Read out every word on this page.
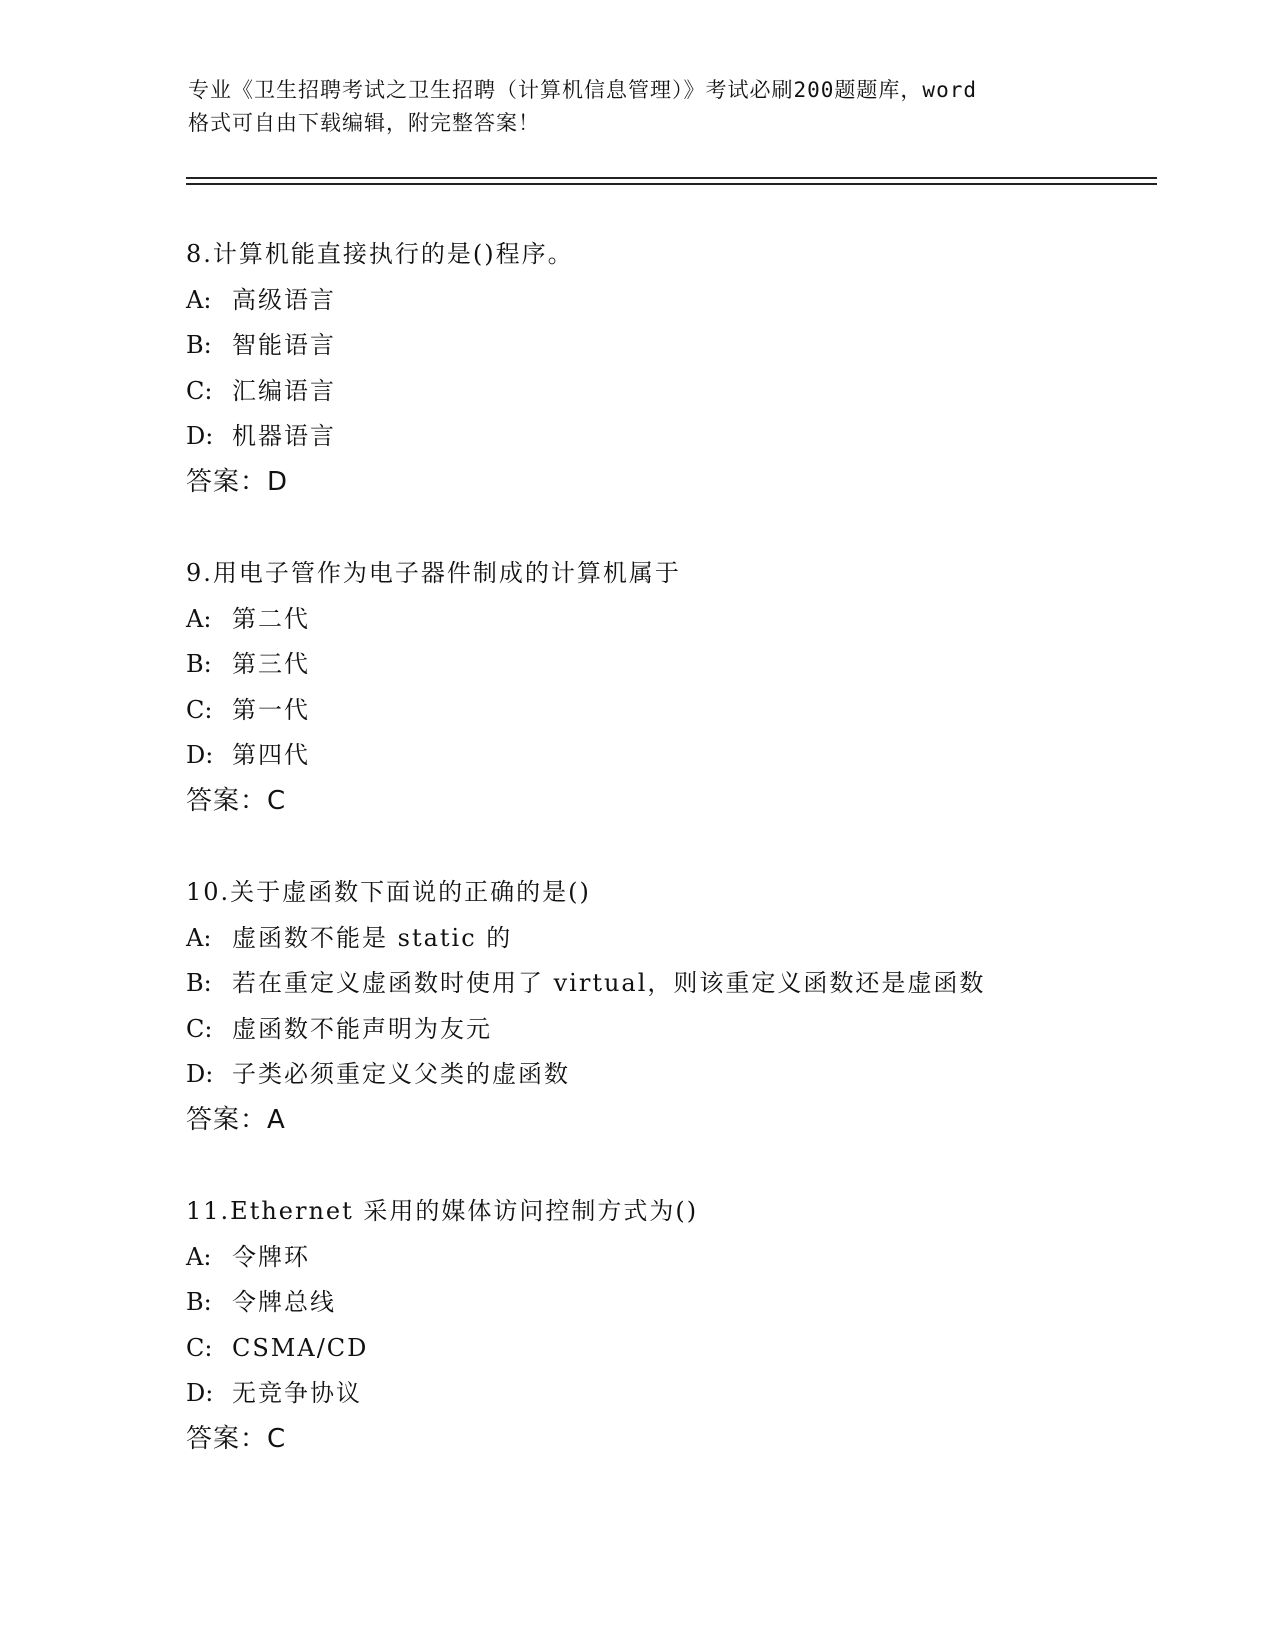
专业《卫生招聘考试之卫生招聘（计算机信息管理）》考试必刷200题题库，word
格式可自由下载编辑，附完整答案！
8.计算机能直接执行的是()程序。
A: 高级语言
B: 智能语言
C: 汇编语言
D: 机器语言
答案：D
9.用电子管作为电子器件制成的计算机属于
A: 第二代
B: 第三代
C: 第一代
D: 第四代
答案：C
10.关于虚函数下面说的正确的是()
A: 虚函数不能是 static 的
B: 若在重定义虚函数时使用了 virtual，则该重定义函数还是虚函数
C: 虚函数不能声明为友元
D: 子类必须重定义父类的虚函数
答案：A
11.Ethernet 采用的媒体访问控制方式为()
A: 令牌环
B: 令牌总线
C: CSMA/CD
D: 无竞争协议
答案：C
